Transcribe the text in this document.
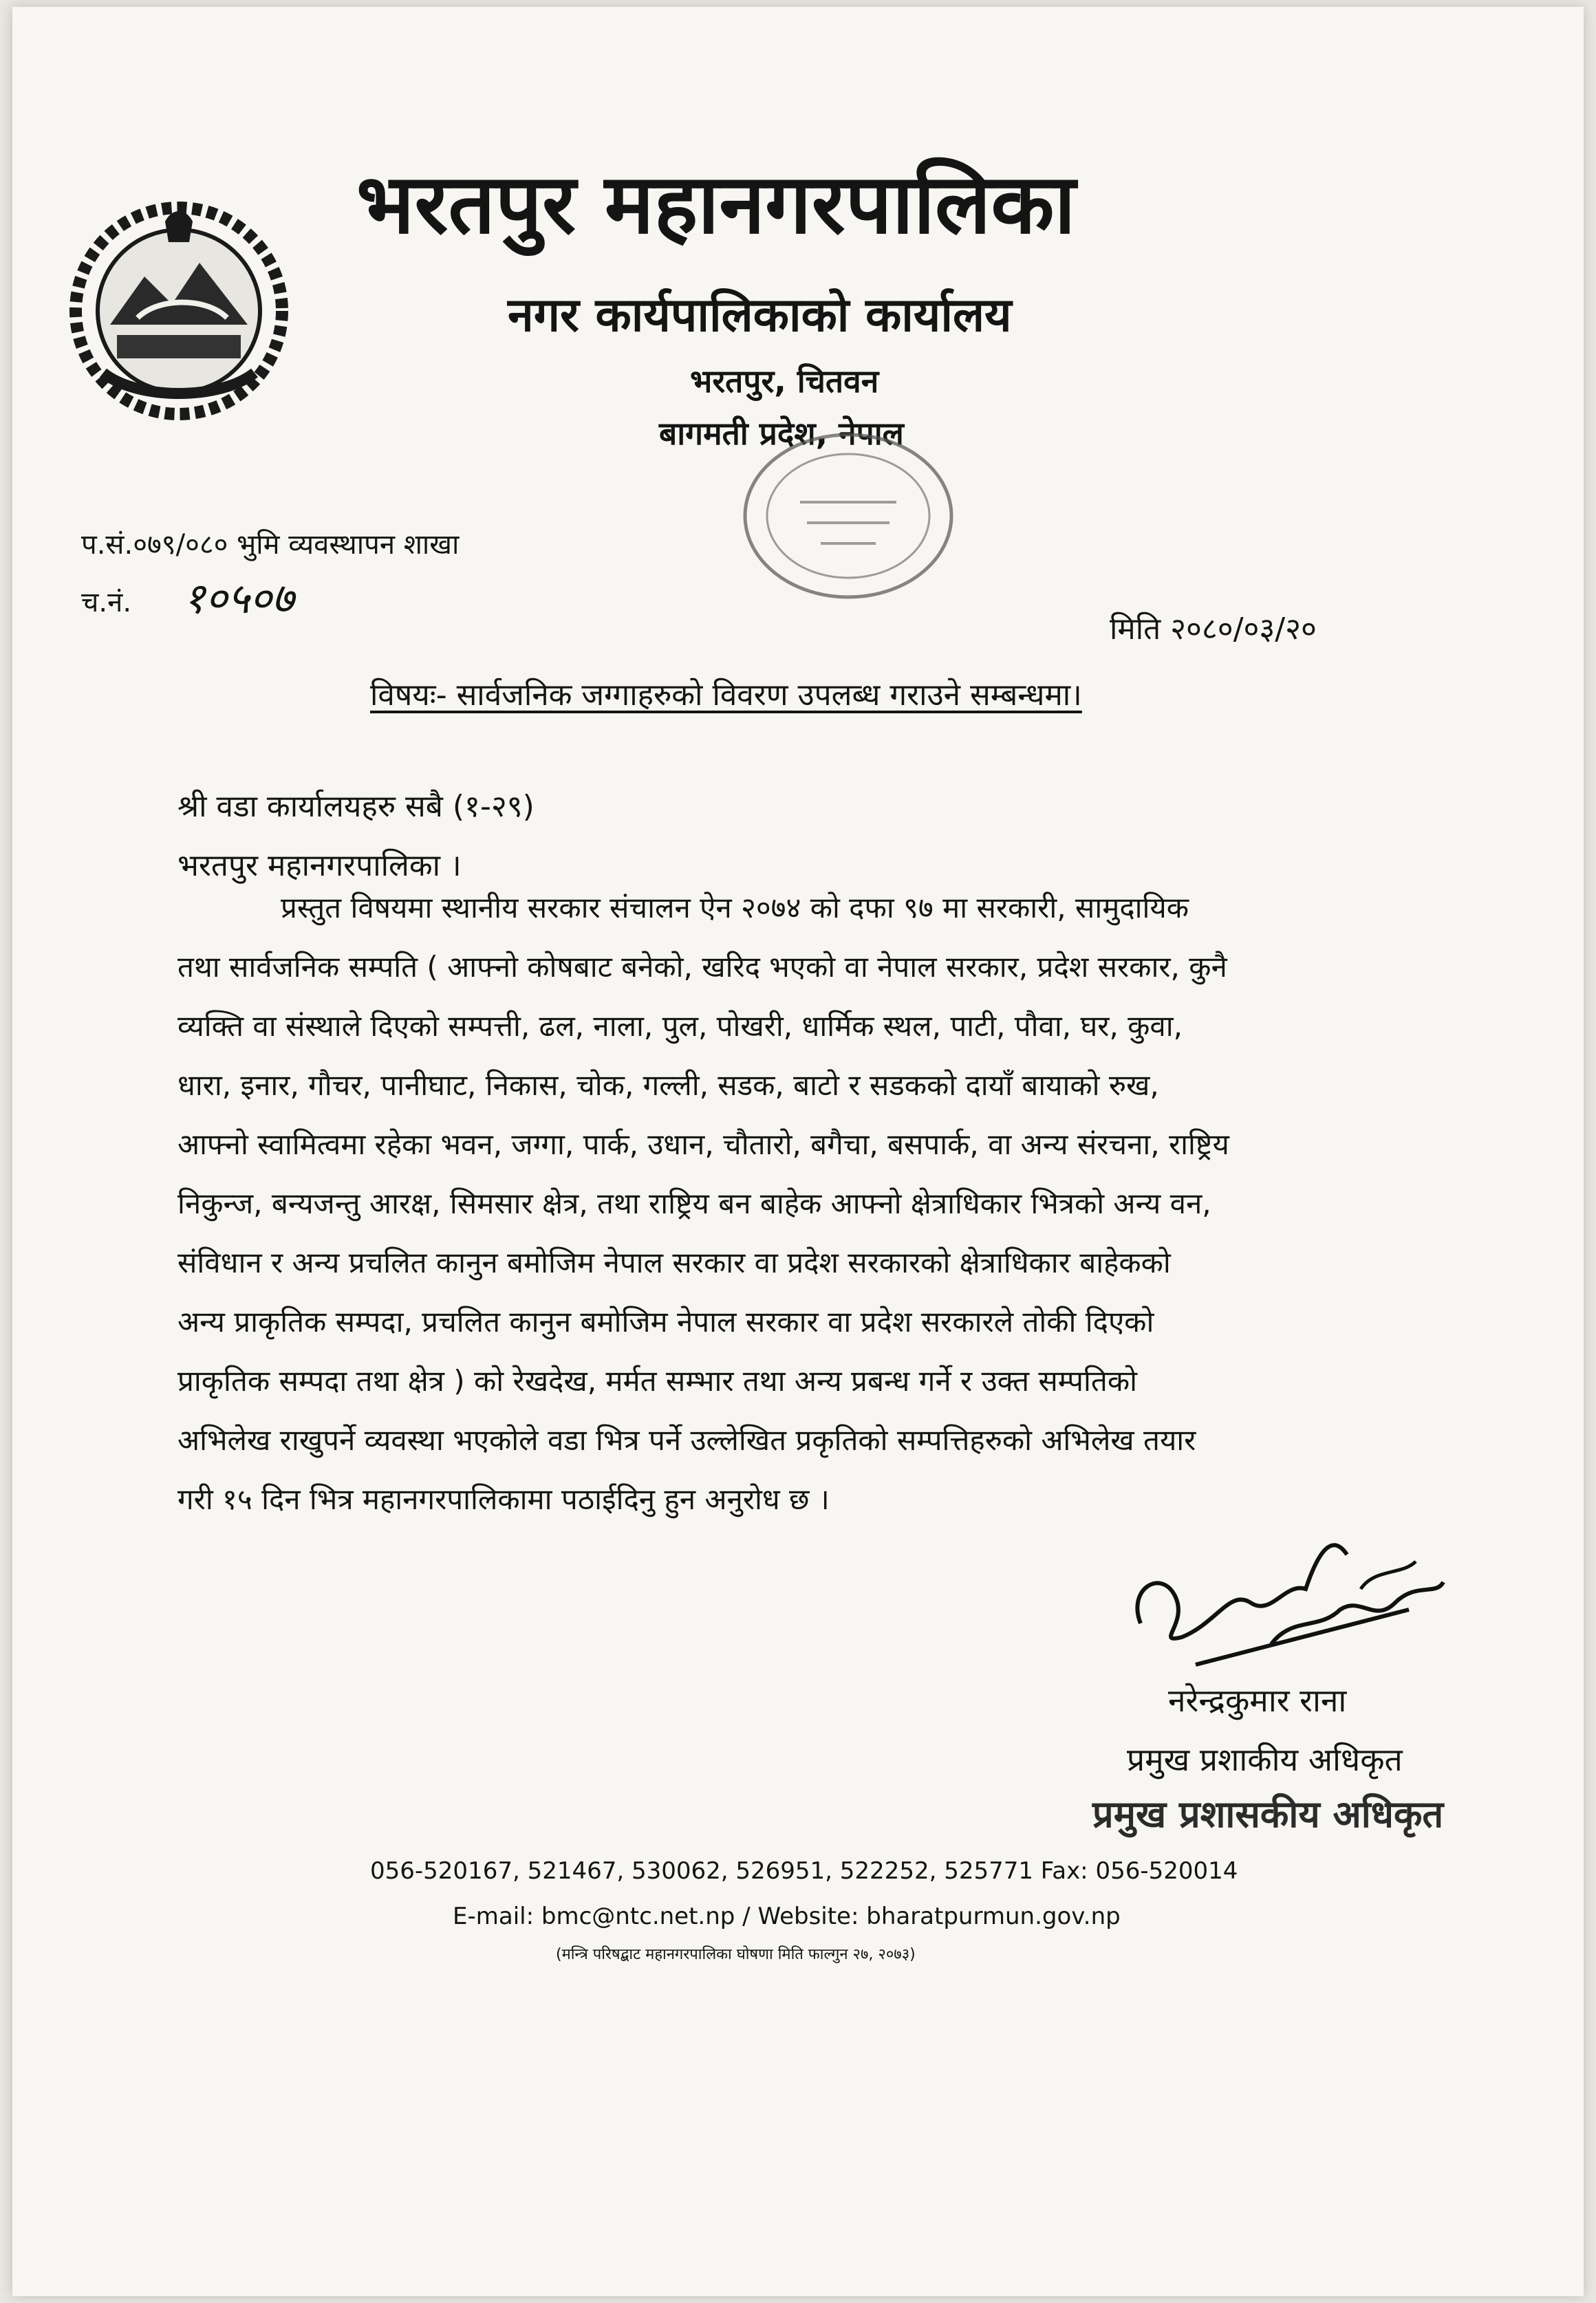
भरतपुर महानगरपालिका
नगर कार्यपालिकाको कार्यालय
भरतपुर, चितवन
बागमती प्रदेश, नेपाल
प.सं.०७९/०८० भुमि व्यवस्थापन शाखा
च.नं. १०५०७
मिति २०८०/०३/२०
विषयः- सार्वजनिक जग्गाहरुको विवरण उपलब्ध गराउने सम्बन्धमा।
श्री वडा कार्यालयहरु सबै (१-२९)
भरतपुर महानगरपालिका ।
प्रस्तुत विषयमा स्थानीय सरकार संचालन ऐन २०७४ को दफा ९७ मा सरकारी, सामुदायिक
तथा सार्वजनिक सम्पति ( आफ्नो कोषबाट बनेको, खरिद भएको वा नेपाल सरकार, प्रदेश सरकार, कुनै
व्यक्ति वा संस्थाले दिएको सम्पत्ती, ढल, नाला, पुल, पोखरी, धार्मिक स्थल, पाटी, पौवा, घर, कुवा,
धारा, इनार, गौचर, पानीघाट, निकास, चोक, गल्ली, सडक, बाटो र सडकको दायाँ बायाको रुख,
आफ्नो स्वामित्वमा रहेका भवन, जग्गा, पार्क, उधान, चौतारो, बगैचा, बसपार्क, वा अन्य संरचना, राष्ट्रिय
निकुन्ज, बन्यजन्तु आरक्ष, सिमसार क्षेत्र, तथा राष्ट्रिय बन बाहेक आफ्नो क्षेत्राधिकार भित्रको अन्य वन,
संविधान र अन्य प्रचलित कानुन बमोजिम नेपाल सरकार वा प्रदेश सरकारको क्षेत्राधिकार बाहेकको
अन्य प्राकृतिक सम्पदा, प्रचलित कानुन बमोजिम नेपाल सरकार वा प्रदेश सरकारले तोकी दिएको
प्राकृतिक सम्पदा तथा क्षेत्र ) को रेखदेख, मर्मत सम्भार तथा अन्य प्रबन्ध गर्ने र उक्त सम्पतिको
अभिलेख राखुपर्ने व्यवस्था भएकोले वडा भित्र पर्ने उल्लेखित प्रकृतिको सम्पत्तिहरुको अभिलेख तयार
गरी १५ दिन भित्र महानगरपालिकामा पठाईदिनु हुन अनुरोध छ ।
नरेन्द्रकुमार राना
प्रमुख प्रशाकीय अधिकृत
प्रमुख प्रशासकीय अधिकृत
056-520167, 521467, 530062, 526951, 522252, 525771 Fax: 056-520014
E-mail: bmc@ntc.net.np / Website: bharatpurmun.gov.np
(मन्त्रि परिषद्बाट महानगरपालिका घोषणा मिति फाल्गुन २७, २०७३)
